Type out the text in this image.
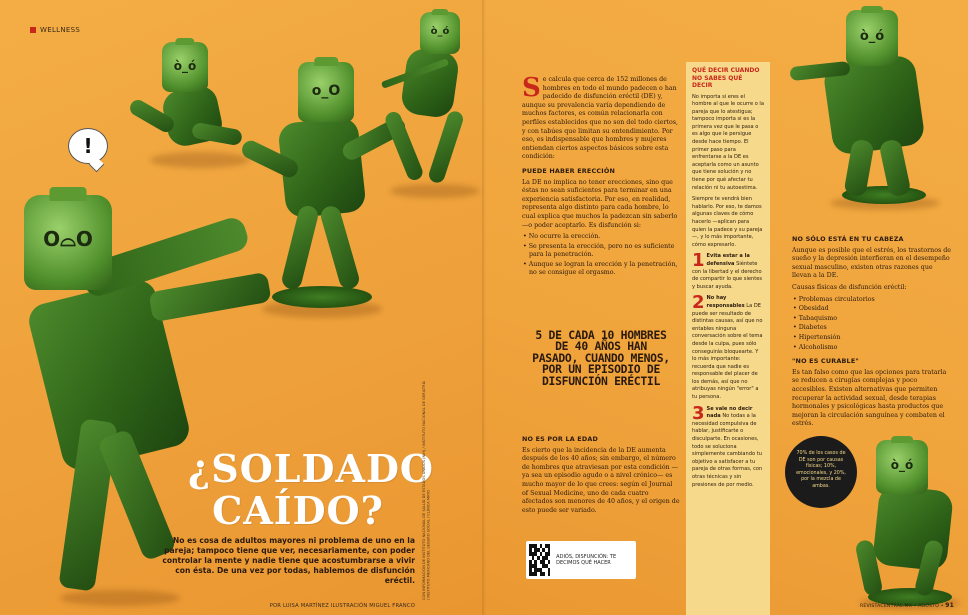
WELLNESS
ò_ó
o_O
ò_ó
O⌓O
!
¿SOLDADO CAÍDO?
No es cosa de adultos mayores ni problema de uno en la pareja; tampoco tiene que ver, necesariamente, con poder controlar la mente y nadie tiene que acostumbrarse a vivir con ésta. De una vez por todas, hablemos de disfunción eréctil.
POR LUISA MARTÍNEZ ILUSTRACIÓN MIGUEL FRANCO
CON INFORMACIÓN DE INSTITUTO NACIONAL DE SALUD DE ESTADOS UNIDOS (NIH) / INSTITUTO NACIONAL DE GERIATRÍA / INSTITUTO MEXICANO DEL SEGURO SOCIAL / CLÍNICA MAYO

Se calcula que cerca de 152 millones de hombres en todo el mundo padecen o han padecido de disfunción eréctil (DE) y, aunque su prevalencia varía dependiendo de muchos factores, es común relacionarla con perfiles establecidos que no son del todo ciertos, y con tabúes que limitan su entendimiento. Por eso, es indispensable que hombres y mujeres entiendan ciertos aspectos básicos sobre esta condición:

PUEDE HABER ERECCIÓN

La DE no implica no tener erecciones, sino que éstas no sean suficientes para terminar en una experiencia satisfactoria. Por eso, en realidad, representa algo distinto para cada hombre, lo cual explica que muchos la padezcan sin saberlo —o poder aceptarlo. Es disfunción si:

• No ocurre la erección.
• Se presenta la erección, pero no es suficiente para la penetración.
• Aunque se logran la erección y la penetración, no se consigue el orgasmo.
5 DE CADA 10 HOMBRES DE 40 AÑOS HAN PASADO, CUANDO MENOS, POR UN EPISODIO DE DISFUNCIÓN ERÉCTIL
NO ES POR LA EDAD

Es cierto que la incidencia de la DE aumenta después de los 40 años; sin embargo, el número de hombres que atraviesan por esta condición —ya sea un episodio agudo o a nivel crónico— es mucho mayor de lo que crees: según el Journal of Sexual Medicine, uno de cada cuatro afectados son menores de 40 años, y el origen de esto puede ser variado.

ADIÓS, DISFUNCIÓN: TE DECIMOS QUÉ HACER
QUÉ DECIR CUANDO NO SABES QUÉ DECIR

No importa si eres el hombre al que le ocurre o la pareja que lo atestigua; tampoco importa si es la primera vez que le pasa o es algo que le persigue desde hace tiempo. El primer paso para enfrentarse a la DE es aceptarla como un asunto que tiene solución y no tiene por qué afectar tu relación ni tu autoestima.

Siempre te vendrá bien hablarlo. Por eso, te damos algunas claves de cómo hacerlo —aplican para quien la padece y su pareja—, y lo más importante, cómo expresarlo.

1 Evita estar a la defensiva Siéntete con la libertad y el derecho de compartir lo que sientes y buscar ayuda.
2 No hay responsables La DE puede ser resultado de distintas causas, así que no entables ninguna conversación sobre el tema desde la culpa, pues sólo conseguirás bloquearte. Y lo más importante: recuerda que nadie es responsable del placer de los demás, así que no atribuyas ningún "error" a tu persona.
3 Se vale no decir nada No todas a la necesidad compulsiva de hablar, justificarte o disculparte. En ocasiones, todo se soluciona simplemente cambiando tu objetivo a satisfacer a tu pareja de otras formas, con otras técnicas y sin presiones de por medio.
ò_ó
ò_ó
NO SÓLO ESTÁ EN TU CABEZA

Aunque es posible que el estrés, los trastornos de sueño y la depresión interfieran en el desempeño sexual masculino, existen otras razones que llevan a la DE.

Causas físicas de disfunción eréctil:

• Problemas circulatorios
• Obesidad
• Tabaquismo
• Diabetes
• Hipertensión
• Alcoholismo
"NO ES CURABLE"

Es tan falso como que las opciones para tratarla se reducen a cirugías complejas y poco accesibles. Existen alternativas que permiten recuperar la actividad sexual, desde terapias hormonales y psicológicas hasta productos que mejoran la circulación sanguínea y combaten el estrés.

70% de los casos de DE son por causas físicas; 10%, emocionales, y 20%, por la mezcla de ambas.
REVISTACENTRAL.MX • AGOSTO • 91
